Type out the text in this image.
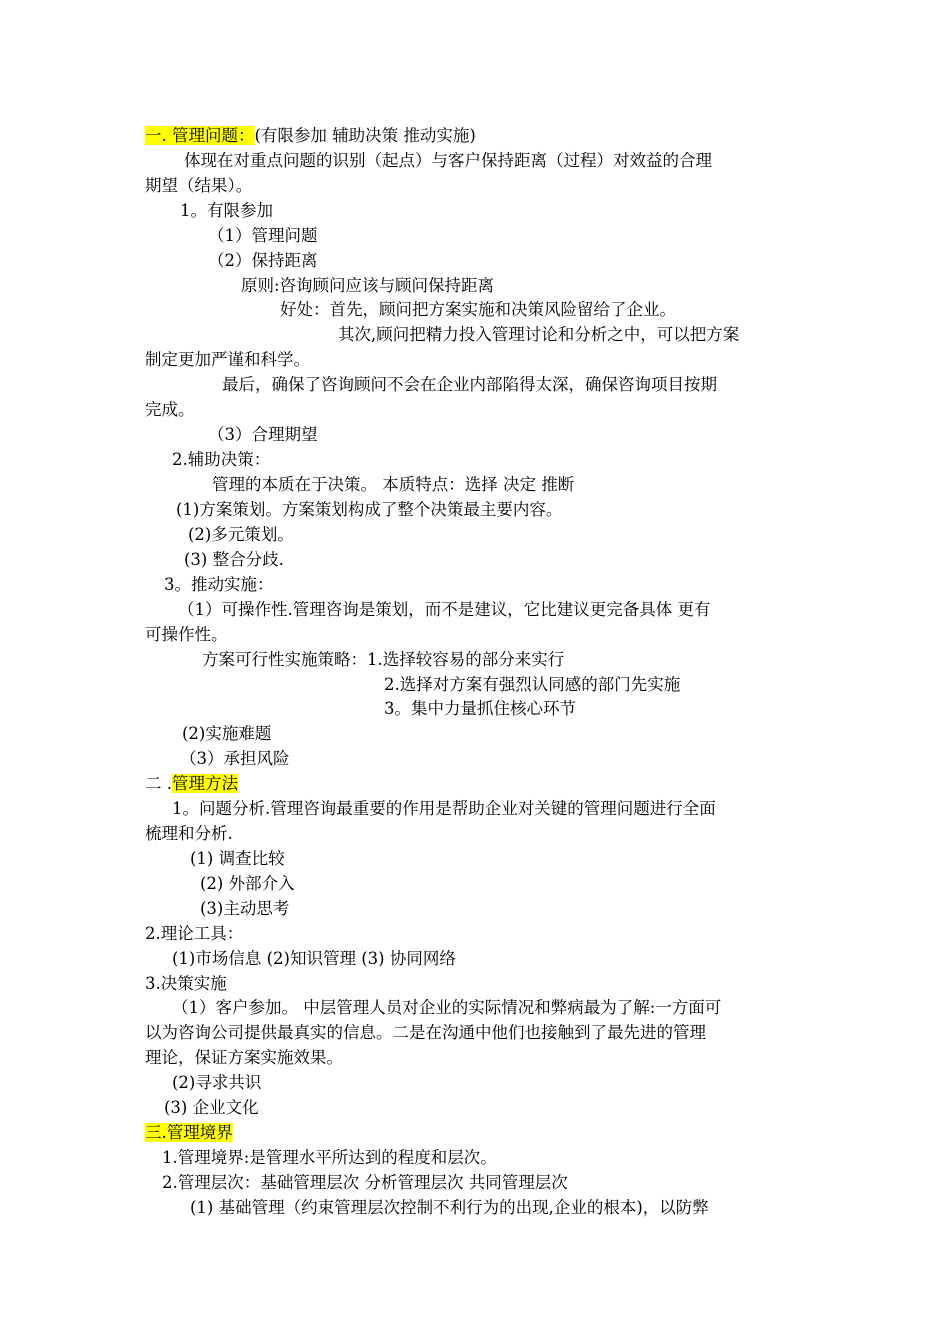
一. 管理问题：(有限参加 辅助决策 推动实施)
体现在对重点问题的识别（起点）与客户保持距离（过程）对效益的合理
期望（结果）。
1。有限参加
（1）管理问题
（2）保持距离
原则:咨询顾问应该与顾问保持距离
好处：首先，顾问把方案实施和决策风险留给了企业。
其次,顾问把精力投入管理讨论和分析之中，可以把方案
制定更加严谨和科学。
最后，确保了咨询顾问不会在企业内部陷得太深，确保咨询项目按期
完成。
（3）合理期望
2.辅助决策：
管理的本质在于决策。 本质特点：选择 决定 推断
(1)方案策划。方案策划构成了整个决策最主要内容。
(2)多元策划。
(3) 整合分歧.
3。推动实施：
（1）可操作性.管理咨询是策划，而不是建议，它比建议更完备具体 更有
可操作性。
方案可行性实施策略：1.选择较容易的部分来实行
2.选择对方案有强烈认同感的部门先实施
3。集中力量抓住核心环节
(2)实施难题
（3）承担风险
二 .管理方法
1。问题分析.管理咨询最重要的作用是帮助企业对关键的管理问题进行全面
梳理和分析.
(1) 调查比较
(2) 外部介入
(3)主动思考
2.理论工具：
(1)市场信息 (2)知识管理 (3) 协同网络
3.决策实施
（1）客户参加。 中层管理人员对企业的实际情况和弊病最为了解:一方面可
以为咨询公司提供最真实的信息。二是在沟通中他们也接触到了最先进的管理
理论，保证方案实施效果。
(2)寻求共识
(3) 企业文化
三.管理境界
1.管理境界:是管理水平所达到的程度和层次。
2.管理层次：基础管理层次 分析管理层次 共同管理层次
(1) 基础管理（约束管理层次控制不利行为的出现,企业的根本)，以防弊
